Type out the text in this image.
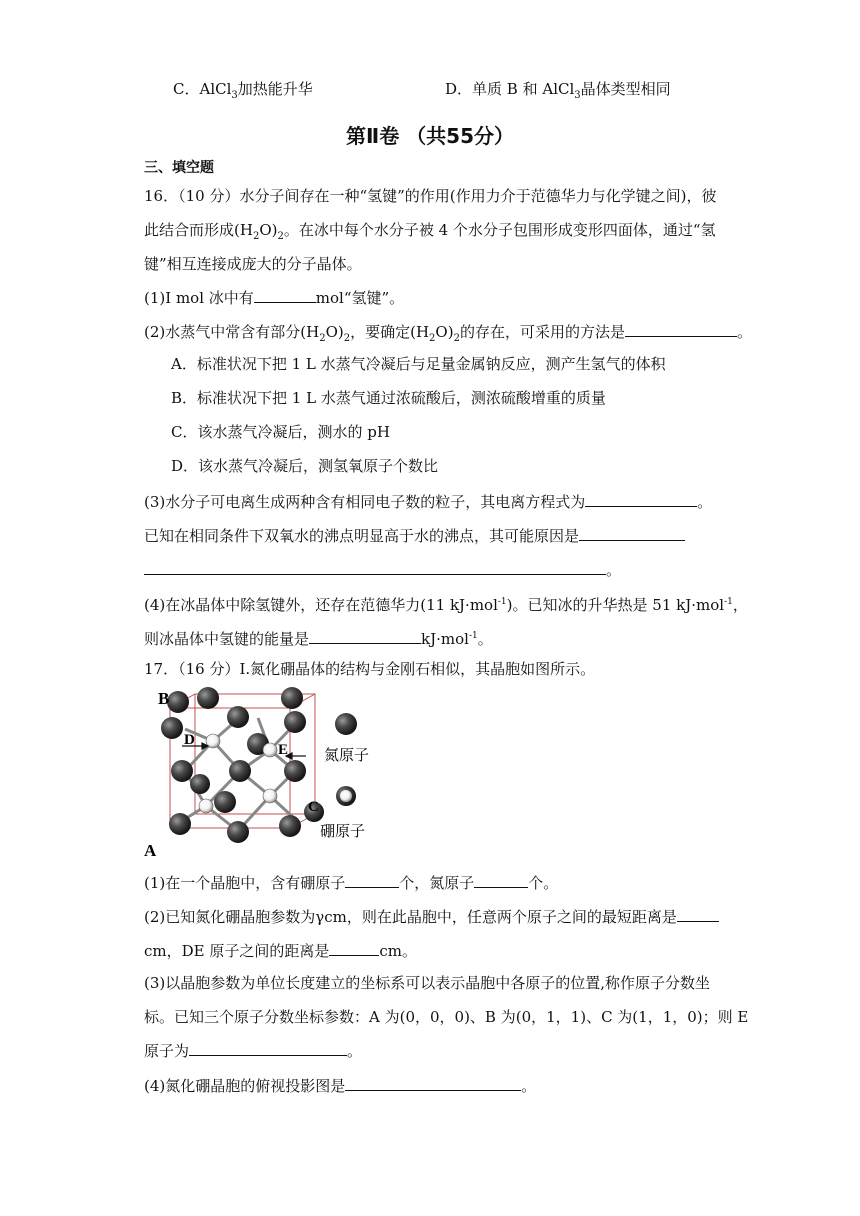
C．AlCl$_3$加热能升华	D．单质 B 和 AlCl$_3$晶体类型相同
第Ⅱ卷 （共55分）
三、填空题
16．（10 分）水分子间存在一种“氢键”的作用(作用力介于范德华力与化学键之间)，彼
此结合而形成$(H_2O)_2$。在冰中每个水分子被 4 个水分子包围形成变形四面体，通过“氢
键”相互连接成庞大的分子晶体。
(1)I mol 冰中有	mol“氢键”。
(2)水蒸气中常含有部分$(H_2O)_2$，要确定$(H_2O)_2$的存在，可采用的方法是	。
A．标准状况下把 1 L 水蒸气冷凝后与足量金属钠反应，测产生氢气的体积
B．标准状况下把 1 L 水蒸气通过浓硫酸后，测浓硫酸增重的质量
C．该水蒸气冷凝后，测水的 pH
D．该水蒸气冷凝后，测氢氧原子个数比
(3)水分子可电离生成两种含有相同电子数的粒子，其电离方程式为	。
已知在相同条件下双氧水的沸点明显高于水的沸点，其可能原因是
。
(4)在冰晶体中除氢键外，还存在范德华力(11 kJ·mol$^{-1}$)。已知冰的升华热是 51 kJ·mol$^{-1}$，
则冰晶体中氢键的能量是	kJ·mol$^{-1}$。
17．（16 分）I.氮化硼晶体的结构与金刚石相似，其晶胞如图所示。
B
A
C
D
E 氮原子
硼原子
(1)在一个晶胞中，含有硼原子	个，氮原子	个。
(2)已知氮化硼晶胞参数为γcm，则在此晶胞中，任意两个原子之间的最短距离是
cm，DE 原子之间的距离是	cm。
(3)以晶胞参数为单位长度建立的坐标系可以表示晶胞中各原子的位置,称作原子分数坐
标。已知三个原子分数坐标参数：A 为(0，0，0)、B 为(0，1，1)、C 为(1，1，0)；则 E
原子为	。
(4)氮化硼晶胞的俯视投影图是	。
